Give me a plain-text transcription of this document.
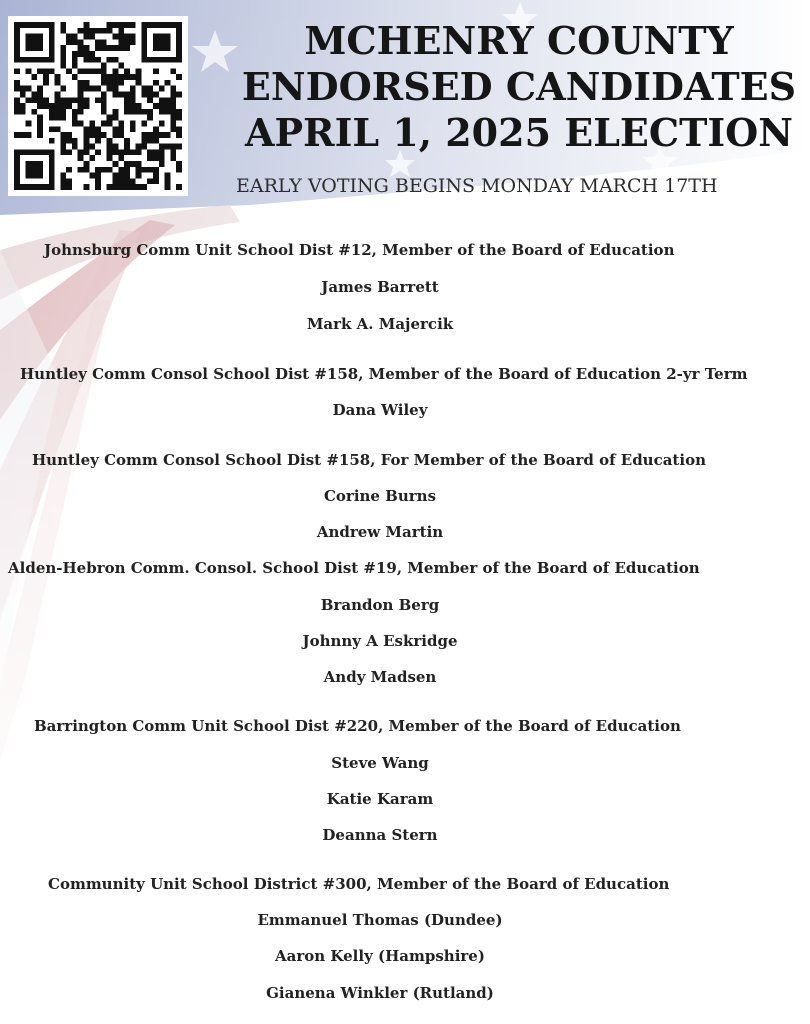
MCHENRY COUNTY
ENDORSED CANDIDATES
APRIL 1, 2025 ELECTION
EARLY VOTING BEGINS MONDAY MARCH 17TH
Johnsburg Comm Unit School Dist #12, Member of the Board of Education
James Barrett
Mark A. Majercik
Huntley Comm Consol School Dist #158, Member of the Board of Education 2-yr Term
Dana Wiley
Huntley Comm Consol School Dist #158, For Member of the Board of Education
Corine Burns
Andrew Martin
Alden-Hebron Comm. Consol. School Dist #19, Member of the Board of Education
Brandon Berg
Johnny A Eskridge
Andy Madsen
Barrington Comm Unit School Dist #220, Member of the Board of Education
Steve Wang
Katie Karam
Deanna Stern
Community Unit School District #300, Member of the Board of Education
Emmanuel Thomas (Dundee)
Aaron Kelly (Hampshire)
Gianena Winkler (Rutland)
